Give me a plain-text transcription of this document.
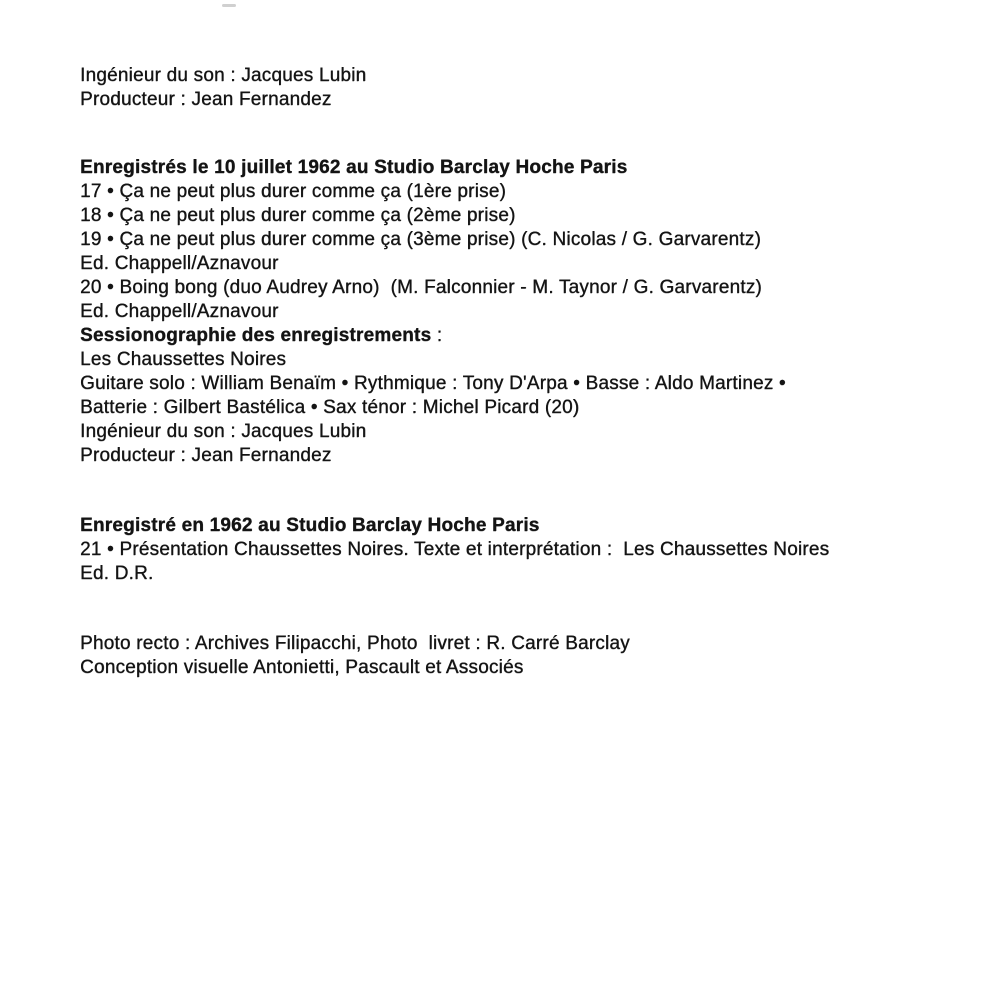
Ingénieur du son : Jacques Lubin
Producteur : Jean Fernandez
Enregistrés le 10 juillet 1962 au Studio Barclay Hoche Paris
17 • Ça ne peut plus durer comme ça (1ère prise)
18 • Ça ne peut plus durer comme ça (2ème prise)
19 • Ça ne peut plus durer comme ça (3ème prise) (C. Nicolas / G. Garvarentz)
Ed. Chappell/Aznavour
20 • Boing bong (duo Audrey Arno)  (M. Falconnier - M. Taynor / G. Garvarentz)
Ed. Chappell/Aznavour
Sessionographie des enregistrements :
Les Chaussettes Noires
Guitare solo : William Benaïm • Rythmique : Tony D'Arpa • Basse : Aldo Martinez •
Batterie : Gilbert Bastélica • Sax ténor : Michel Picard (20)
Ingénieur du son : Jacques Lubin
Producteur : Jean Fernandez
Enregistré en 1962 au Studio Barclay Hoche Paris
21 • Présentation Chaussettes Noires. Texte et interprétation :  Les Chaussettes Noires
Ed. D.R.
Photo recto : Archives Filipacchi, Photo  livret : R. Carré Barclay
Conception visuelle Antonietti, Pascault et Associés
